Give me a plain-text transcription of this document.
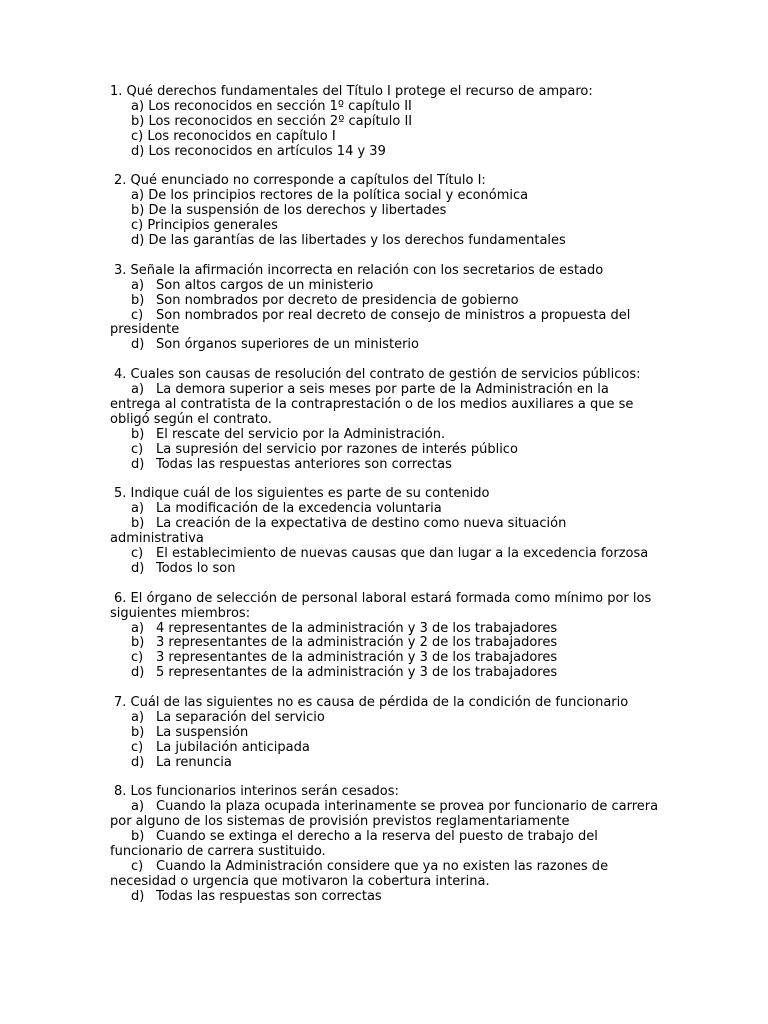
1. Qué derechos fundamentales del Título I protege el recurso de amparo:
a) Los reconocidos en sección 1º capítulo II
b) Los reconocidos en sección 2º capítulo II
c) Los reconocidos en capítulo I
d) Los reconocidos en artículos 14 y 39
2. Qué enunciado no corresponde a capítulos del Título I:
a) De los principios rectores de la política social y económica
b) De la suspensión de los derechos y libertades
c) Principios generales
d) De las garantías de las libertades y los derechos fundamentales
3. Señale la afirmación incorrecta en relación con los secretarios de estado
a) Son altos cargos de un ministerio
b) Son nombrados por decreto de presidencia de gobierno
c) Son nombrados por real decreto de consejo de ministros a propuesta del presidente
d) Son órganos superiores de un ministerio
4. Cuales son causas de resolución del contrato de gestión de servicios públicos:
a) La demora superior a seis meses por parte de la Administración en la entrega al contratista de la contraprestación o de los medios auxiliares a que se obligó según el contrato.
b) El rescate del servicio por la Administración.
c) La supresión del servicio por razones de interés público
d) Todas las respuestas anteriores son correctas
5. Indique cuál de los siguientes es parte de su contenido
a) La modificación de la excedencia voluntaria
b) La creación de la expectativa de destino como nueva situación administrativa
c) El establecimiento de nuevas causas que dan lugar a la excedencia forzosa
d) Todos lo son
6. El órgano de selección de personal laboral estará formada como mínimo por los siguientes miembros:
a) 4 representantes de la administración y 3 de los trabajadores
b) 3 representantes de la administración y 2 de los trabajadores
c) 3 representantes de la administración y 3 de los trabajadores
d) 5 representantes de la administración y 3 de los trabajadores
7. Cuál de las siguientes no es causa de pérdida de la condición de funcionario
a) La separación del servicio
b) La suspensión
c) La jubilación anticipada
d) La renuncia
8. Los funcionarios interinos serán cesados:
a) Cuando la plaza ocupada interinamente se provea por funcionario de carrera por alguno de los sistemas de provisión previstos reglamentariamente
b) Cuando se extinga el derecho a la reserva del puesto de trabajo del funcionario de carrera sustituido.
c) Cuando la Administración considere que ya no existen las razones de necesidad o urgencia que motivaron la cobertura interina.
d) Todas las respuestas son correctas
